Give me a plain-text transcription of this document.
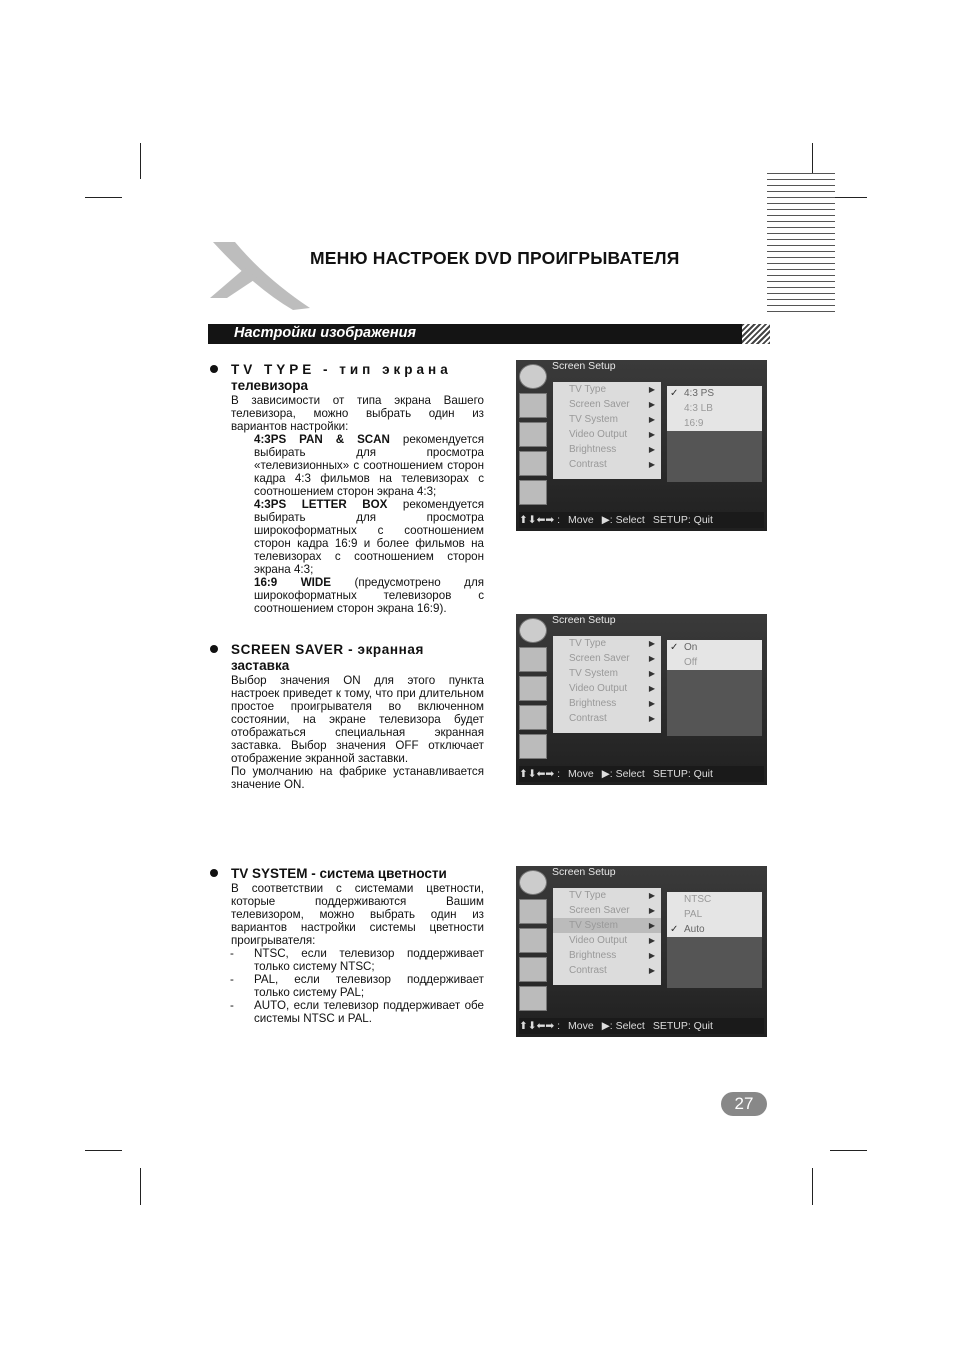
МЕНЮ НАСТРОЕК DVD ПРОИГРЫВАТЕЛЯ
Настройки изображения
TV TYPE - тип экрана
телевизора
В зависимости от типа экрана Вашего телевизора, можно выбрать один из вариантов настройки:
4:3PS PAN & SCAN рекомендуется выбирать для просмотра «телевизионных» с соотношением сторон кадра 4:3 фильмов на телевизорах с соотношением сторон экрана 4:3;
4:3PS LETTER BOX рекомендуется выбирать для просмотра широкоформатных с соотношением сторон кадра 16:9 и более фильмов на телевизорах с соотношением сторон экрана 4:3;
16:9 WIDE (предусмотрено для широкоформатных телевизоров с соотношением сторон экрана 16:9).
SCREEN SAVER - экранная
заставка
Выбор значения ON для этого пункта настроек приведет к тому, что при длительном простое проигрывателя во включенном состоянии, на экране телевизора будет отображаться специальная экранная заставка. Выбор значения OFF отключает отображение экранной заставки.
По умолчанию на фабрике устанавливается значение ON.
TV SYSTEM - система цветности
В соответствии с системами цветности, которые поддерживаются Вашим телевизором, можно выбрать один из вариантов настройки системы цветности проигрывателя:
- NTSC, если телевизор поддерживает только систему NTSC;
- PAL, если телевизор поддерживает только систему PAL;
- AUTO, если телевизор поддерживает обе системы NTSC и PAL.
Screen Setup
TV Type	▶
Screen Saver ▶
TV System	▶
Video Output	▶
Brightness	▶
Contrast	▶
✓ 4:3 PS
4:3 LB
16:9
⬆⬇⬅➡ : Move ▶: Select SETUP: Quit
Screen Setup
TV Type	▶
Screen Saver ▶
TV System	▶
Video Output	▶
Brightness	▶
Contrast	▶
✓ On
Off
⬆⬇⬅➡ : Move ▶: Select SETUP: Quit
Screen Setup
TV Type	▶
Screen Saver ▶
TV System	▶
Video Output	▶
Brightness	▶
Contrast	▶
NTSC
PAL
✓ Auto
⬆⬇⬅➡ : Move ▶: Select SETUP: Quit
27
